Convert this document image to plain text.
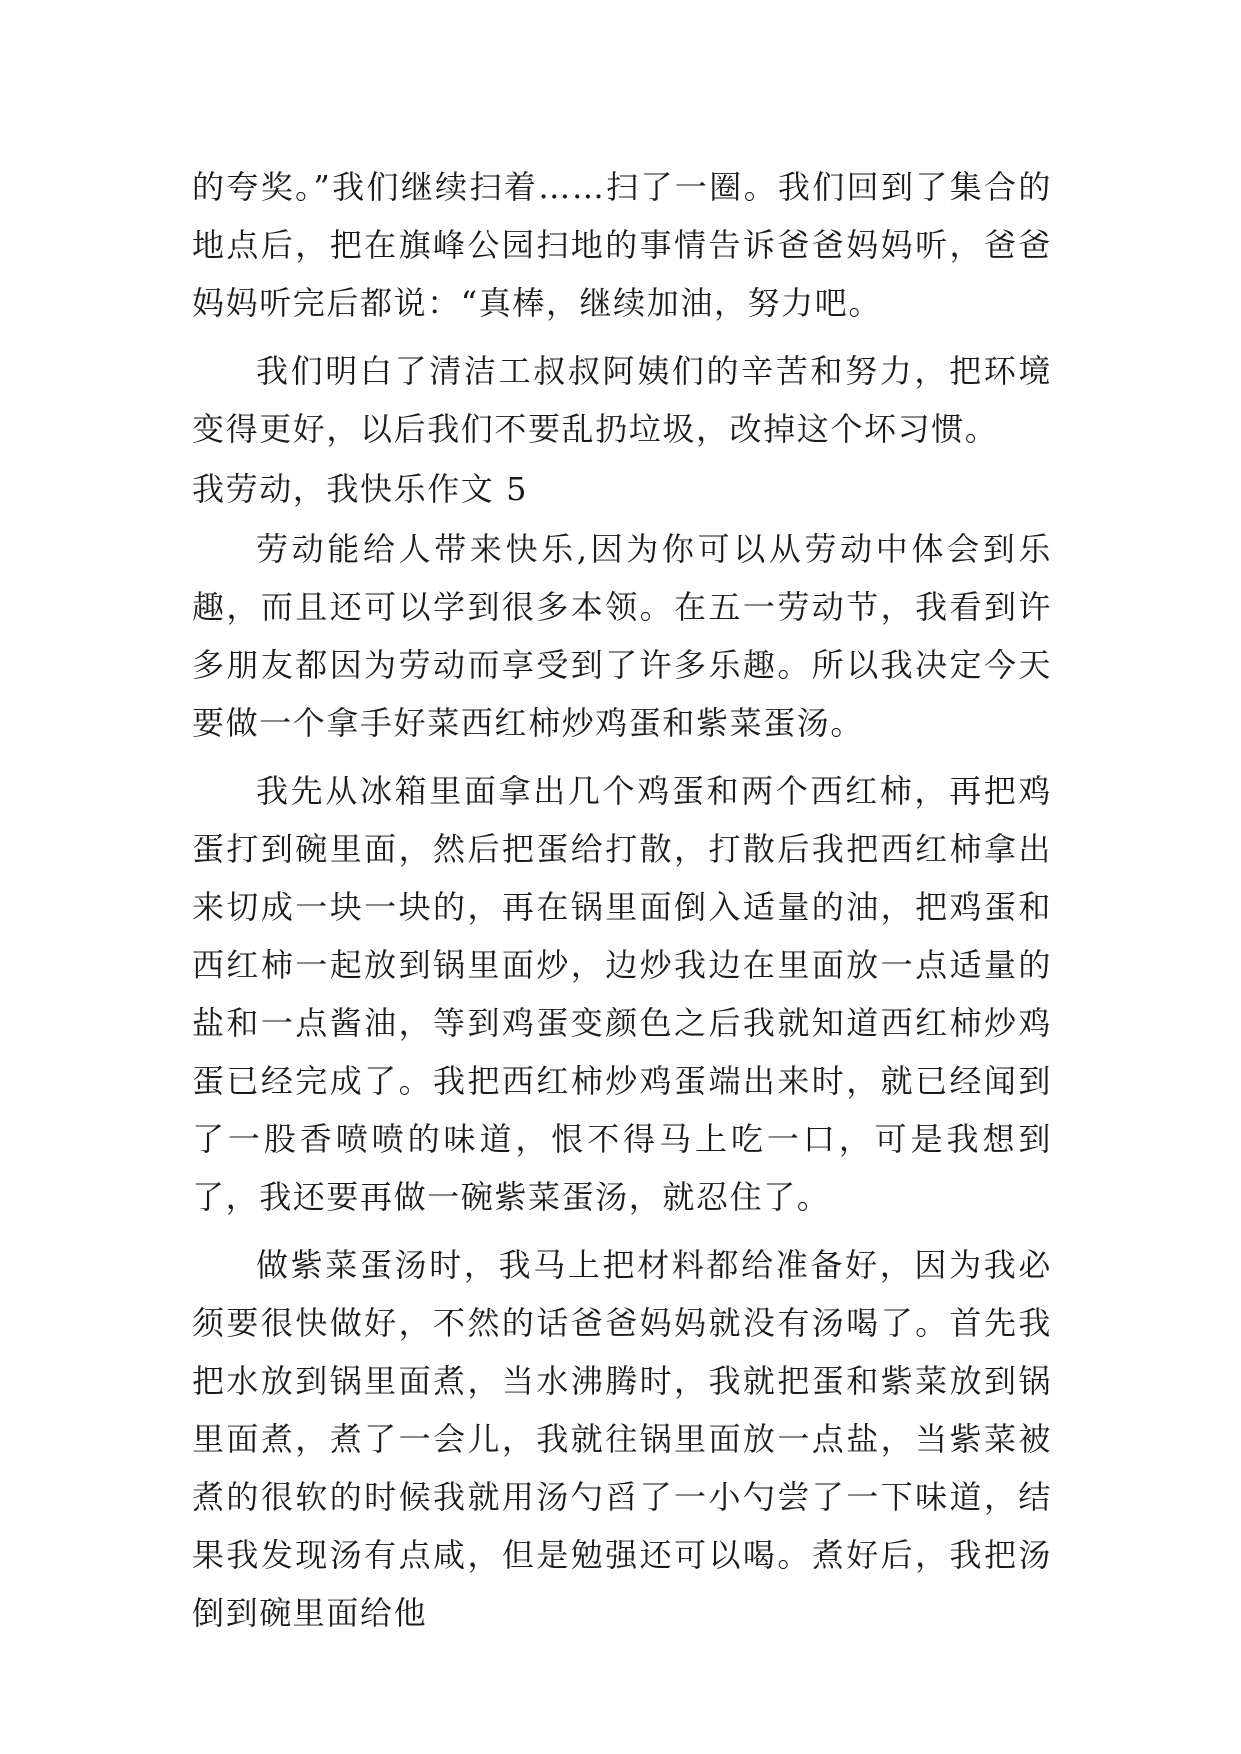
的夸奖。”我们继续扫着……扫了一圈。我们回到了集合的地点后，把在旗峰公园扫地的事情告诉爸爸妈妈听，爸爸妈妈听完后都说：“真棒，继续加油，努力吧。

我们明白了清洁工叔叔阿姨们的辛苦和努力，把环境变得更好，以后我们不要乱扔垃圾，改掉这个坏习惯。

我劳动，我快乐作文 5

劳动能给人带来快乐,因为你可以从劳动中体会到乐趣，而且还可以学到很多本领。在五一劳动节，我看到许多朋友都因为劳动而享受到了许多乐趣。所以我决定今天要做一个拿手好菜西红柿炒鸡蛋和紫菜蛋汤。

我先从冰箱里面拿出几个鸡蛋和两个西红柿，再把鸡蛋打到碗里面，然后把蛋给打散，打散后我把西红柿拿出来切成一块一块的，再在锅里面倒入适量的油，把鸡蛋和西红柿一起放到锅里面炒，边炒我边在里面放一点适量的盐和一点酱油，等到鸡蛋变颜色之后我就知道西红柿炒鸡蛋已经完成了。我把西红柿炒鸡蛋端出来时，就已经闻到了一股香喷喷的味道，恨不得马上吃一口，可是我想到了，我还要再做一碗紫菜蛋汤，就忍住了。

做紫菜蛋汤时，我马上把材料都给准备好，因为我必须要很快做好，不然的话爸爸妈妈就没有汤喝了。首先我把水放到锅里面煮，当水沸腾时，我就把蛋和紫菜放到锅里面煮，煮了一会儿，我就往锅里面放一点盐，当紫菜被煮的很软的时候我就用汤勺舀了一小勺尝了一下味道，结果我发现汤有点咸，但是勉强还可以喝。煮好后，我把汤倒到碗里面给他
